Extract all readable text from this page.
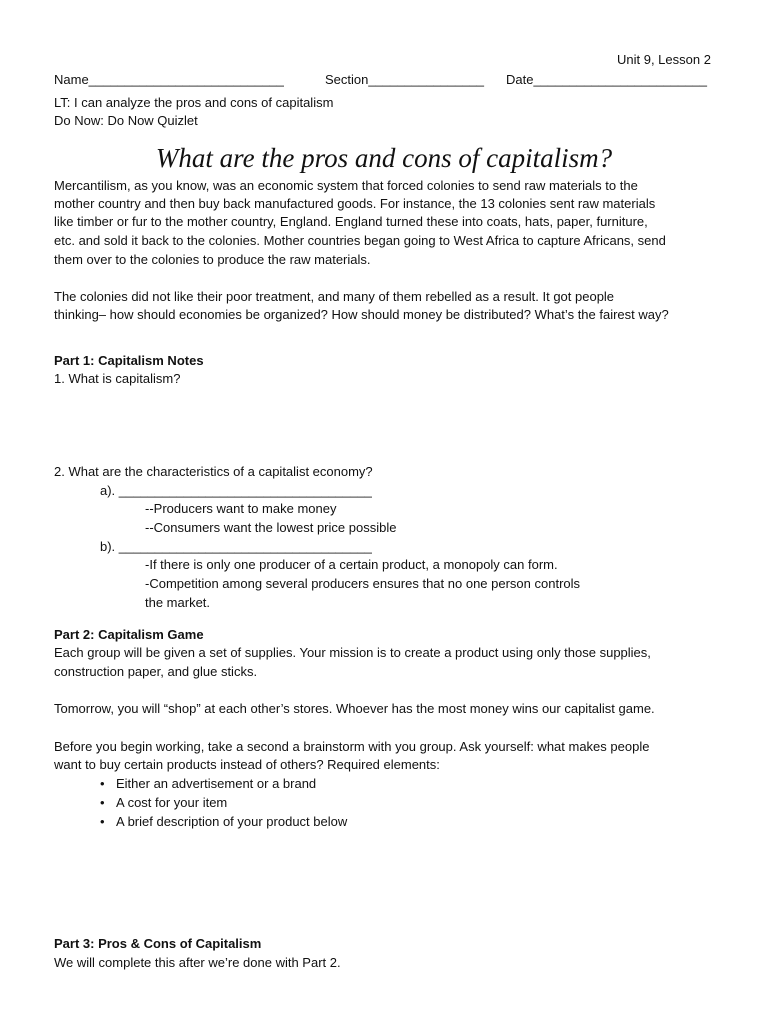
Unit 9, Lesson 2
Name___________________________	Section________________ Date________________________
LT: I can analyze the pros and cons of capitalism
Do Now: Do Now Quizlet
What are the pros and cons of capitalism?
Mercantilism, as you know, was an economic system that forced colonies to send raw materials to the
mother country and then buy back manufactured goods. For instance, the 13 colonies sent raw materials
like timber or fur to the mother country, England. England turned these into coats, hats, paper, furniture,
etc. and sold it back to the colonies. Mother countries began going to West Africa to capture Africans, send
them over to the colonies to produce the raw materials.
The colonies did not like their poor treatment, and many of them rebelled as a result. It got people
thinking– how should economies be organized? How should money be distributed? What’s the fairest way?
Part 1: Capitalism Notes
1. What is capitalism?
2. What are the characteristics of a capitalist economy?
a). ___________________________________
--Producers want to make money
--Consumers want the lowest price possible
b). ___________________________________
-If there is only one producer of a certain product, a monopoly can form.
-Competition among several producers ensures that no one person controls
the market.
Part 2: Capitalism Game
Each group will be given a set of supplies. Your mission is to create a product using only those supplies,
construction paper, and glue sticks.
Tomorrow, you will “shop” at each other’s stores. Whoever has the most money wins our capitalist game.
Before you begin working, take a second a brainstorm with you group. Ask yourself: what makes people
want to buy certain products instead of others? Required elements:
• Either an advertisement or a brand
• A cost for your item
• A brief description of your product below
Part 3: Pros & Cons of Capitalism
We will complete this after we’re done with Part 2.
